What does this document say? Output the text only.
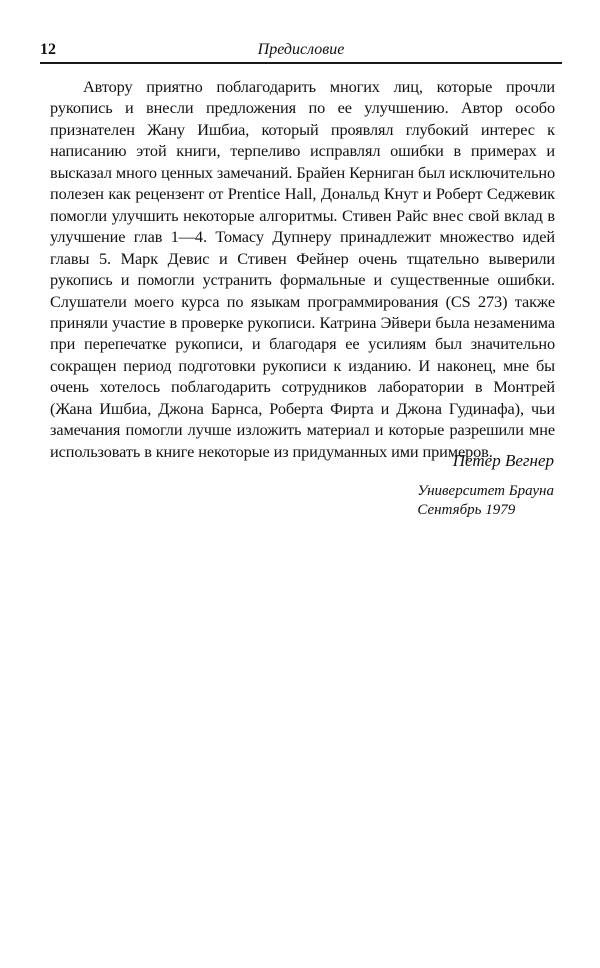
12	Предисловие

Автору приятно поблагодарить многих лиц, которые прочли рукопись и внесли предложения по ее улучшению. Автор особо признателен Жану Ишбиа, который проявлял глубокий интерес к написанию этой книги, терпеливо исправлял ошибки в примерах и высказал много ценных замечаний. Брайен Керниган был исключительно полезен как рецензент от Prentice Hall, Дональд Кнут и Роберт Седжевик помогли улучшить некоторые алгоритмы. Стивен Райс внес свой вклад в улучшение глав 1—4. Томасу Дупнеру принадлежит множество идей главы 5. Марк Девис и Стивен Фейнер очень тщательно выверили рукопись и помогли устранить формальные и существенные ошибки. Слушатели моего курса по языкам программирования (CS 273) также приняли участие в проверке рукописи. Катрина Эйвери была незаменима при перепечатке рукописи, и благодаря ее усилиям был значительно сокращен период подготовки рукописи к изданию. И наконец, мне бы очень хотелось поблагодарить сотрудников лаборатории в Монтрей (Жана Ишбиа, Джона Барнса, Роберта Фирта и Джона Гудинафа), чьи замечания помогли лучше изложить материал и которые разрешили мне использовать в книге некоторые из придуманных ими примеров.

Петер Вегнер
Университет Брауна
Сентябрь 1979
